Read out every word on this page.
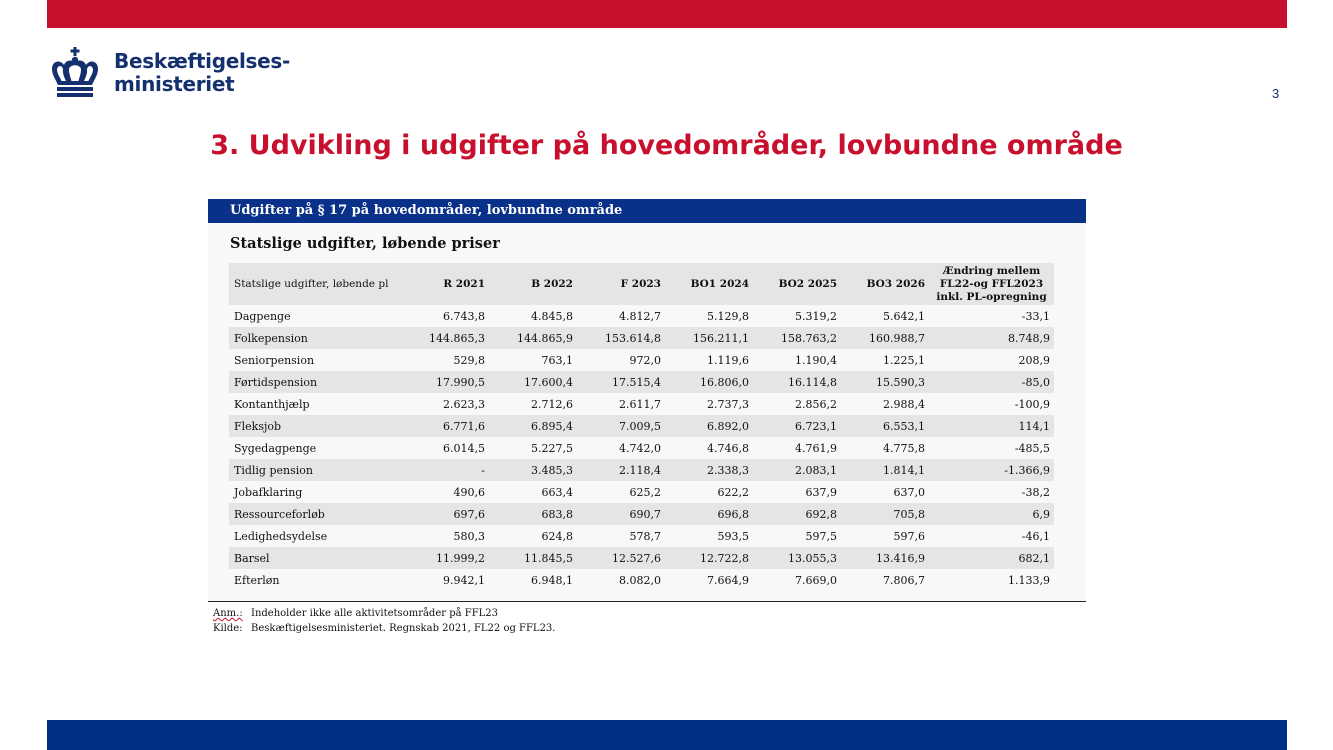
Beskæftigelses-
ministeriet	3
3. Udvikling i udgifter på hovedområder, lovbundne område
Udgifter på § 17 på hovedområder, lovbundne område
Statslige udgifter, løbende priser
Statslige udgifter, løbende pl	R 2021	B 2022	F 2023	BO1 2024	BO2 2025	BO3 2026	Ændring mellem FL22-og FFL2023 inkl. PL-opregning
Dagpenge	6.743,8	4.845,8	4.812,7	5.129,8	5.319,2	5.642,1	-33,1
Folkepension	144.865,3	144.865,9	153.614,8	156.211,1	158.763,2	160.988,7	8.748,9
Seniorpension	529,8	763,1	972,0	1.119,6	1.190,4	1.225,1	208,9
Førtidspension	17.990,5	17.600,4	17.515,4	16.806,0	16.114,8	15.590,3	-85,0
Kontanthjælp	2.623,3	2.712,6	2.611,7	2.737,3	2.856,2	2.988,4	-100,9
Fleksjob	6.771,6	6.895,4	7.009,5	6.892,0	6.723,1	6.553,1	114,1
Sygedagpenge	6.014,5	5.227,5	4.742,0	4.746,8	4.761,9	4.775,8	-485,5
Tidlig pension	-	3.485,3	2.118,4	2.338,3	2.083,1	1.814,1	-1.366,9
Jobafklaring	490,6	663,4	625,2	622,2	637,9	637,0	-38,2
Ressourceforløb	697,6	683,8	690,7	696,8	692,8	705,8	6,9
Ledighedsydelse	580,3	624,8	578,7	593,5	597,5	597,6	-46,1
Barsel	11.999,2	11.845,5	12.527,6	12.722,8	13.055,3	13.416,9	682,1
Efterløn	9.942,1	6.948,1	8.082,0	7.664,9	7.669,0	7.806,7	1.133,9
Anm.: Indeholder ikke alle aktivitetsområder på FFL23
Kilde: Beskæftigelsesministeriet. Regnskab 2021, FL22 og FFL23.
